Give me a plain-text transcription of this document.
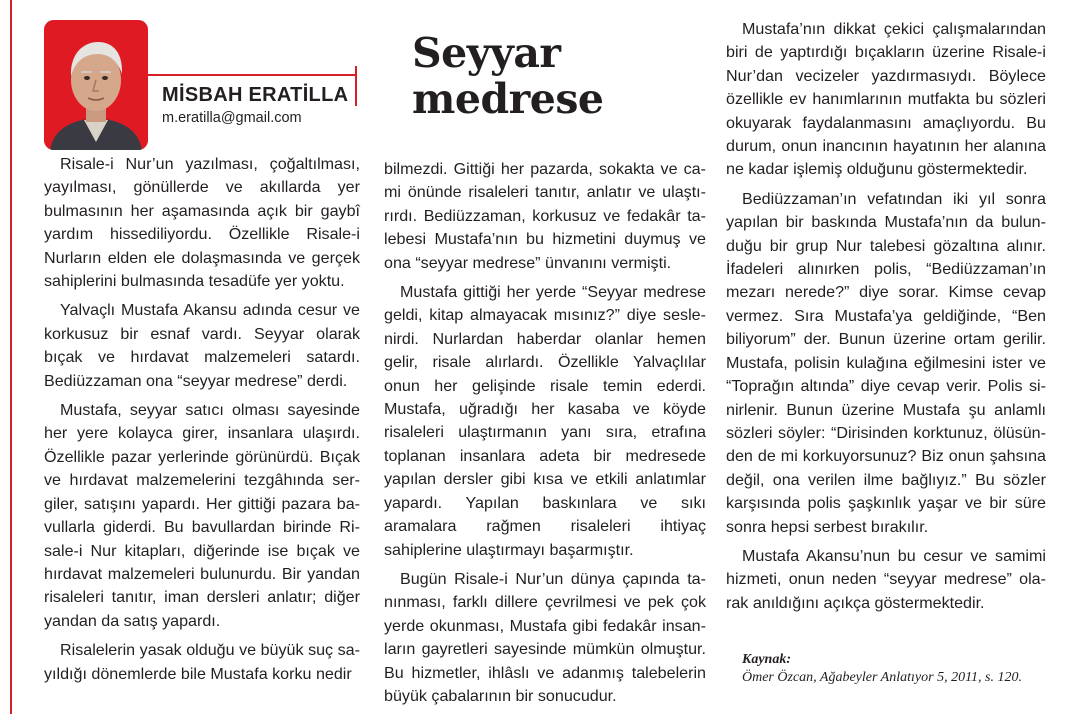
MİSBAH ERATİLLA
m.eratilla@gmail.com
Seyyar
medrese

Risale-i Nur’un yazılması, çoğaltılması, yayılması, gönüllerde ve akıllarda yer bulmasının her aşamasında açık bir gaybî yardım hissediliyordu. Özellikle Risale-i Nurların elden ele dolaşmasında ve gerçek sahiplerini bulmasında tesadüfe yer yoktu.

Yalvaçlı Mustafa Akansu adında cesur ve korkusuz bir esnaf vardı. Seyyar olarak bıçak ve hırdavat malzemeleri satardı. Bediüzzaman ona “seyyar medrese” derdi.

Mustafa, seyyar satıcı olması sayesinde her yere kolayca girer, insanlara ulaşırdı. Özellikle pazar yerlerinde görünürdü. Bıçak ve hırdavat malzemelerini tezgâhında sergiler, satışını yapardı. Her gittiği pazara bavullarla giderdi. Bu bavullardan birinde Risale-i Nur kitapları, diğerinde ise bıçak ve hırdavat malzemeleri bulunurdu. Bir yandan risaleleri tanıtır, iman dersleri anlatır; diğer yandan da satış yapardı.

Risalelerin yasak olduğu ve büyük suç sayıldığı dönemlerde bile Mustafa korku nedir

bilmezdi. Gittiği her pazarda, sokakta ve cami önünde risaleleri tanıtır, anlatır ve ulaştırırdı. Bediüzzaman, korkusuz ve fedakâr talebesi Mustafa’nın bu hizmetini duymuş ve ona “seyyar medrese” ünvanını vermişti.

Mustafa gittiği her yerde “Seyyar medrese geldi, kitap almayacak mısınız?” diye seslenirdi. Nurlardan haberdar olanlar hemen gelir, risale alırlardı. Özellikle Yalvaçlılar onun her gelişinde risale temin ederdi. Mustafa, uğradığı her kasaba ve köyde risaleleri ulaştırmanın yanı sıra, etrafına toplanan insanlara adeta bir medresede yapılan dersler gibi kısa ve etkili anlatımlar yapardı. Yapılan baskınlara ve sıkı aramalara rağmen risaleleri ihtiyaç sahiplerine ulaştırmayı başarmıştır.

Bugün Risale-i Nur’un dünya çapında tanınması, farklı dillere çevrilmesi ve pek çok yerde okunması, Mustafa gibi fedakâr insanların gayretleri sayesinde mümkün olmuştur. Bu hizmetler, ihlâslı ve adanmış talebelerin büyük çabalarının bir sonucudur.

Mustafa’nın dikkat çekici çalışmalarından biri de yaptırdığı bıçakların üzerine Risale-i Nur’dan vecizeler yazdırmasıydı. Böylece özellikle ev hanımlarının mutfakta bu sözleri okuyarak faydalanmasını amaçlıyordu. Bu durum, onun inancının hayatının her alanına ne kadar işlemiş olduğunu göstermektedir.

Bediüzzaman’ın vefatından iki yıl sonra yapılan bir baskında Mustafa’nın da bulunduğu bir grup Nur talebesi gözaltına alınır. İfadeleri alınırken polis, “Bediüzzaman’ın mezarı nerede?” diye sorar. Kimse cevap vermez. Sıra Mustafa’ya geldiğinde, “Ben biliyorum” der. Bunun üzerine ortam gerilir. Mustafa, polisin kulağına eğilmesini ister ve “Toprağın altında” diye cevap verir. Polis sinirlenir. Bunun üzerine Mustafa şu anlamlı sözleri söyler: “Dirisinden korktunuz, ölüsünden de mi korkuyorsunuz? Biz onun şahsına değil, ona verilen ilme bağlıyız.” Bu sözler karşısında polis şaşkınlık yaşar ve bir süre sonra hepsi serbest bırakılır.

Mustafa Akansu’nun bu cesur ve samimi hizmeti, onun neden “seyyar medrese” olarak anıldığını açıkça göstermektedir.

Kaynak:
Ömer Özcan, Ağabeyler Anlatıyor 5, 2011, s. 120.
